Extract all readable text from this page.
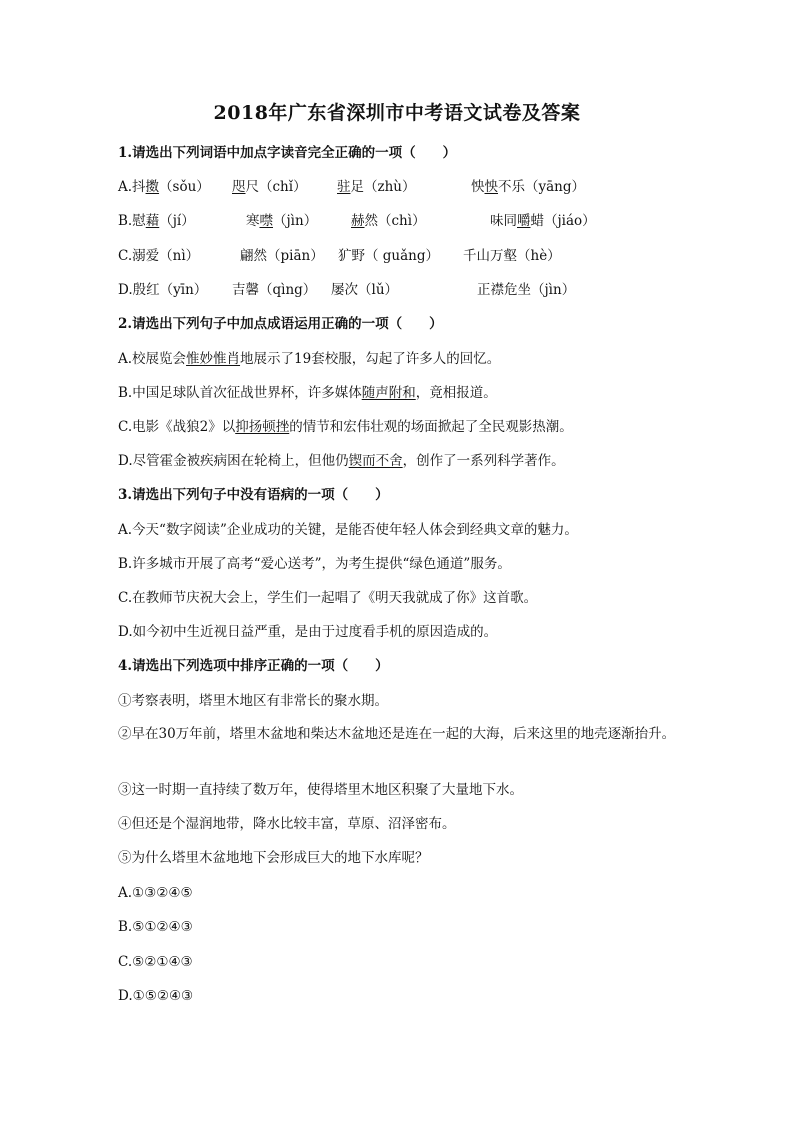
2018年广东省深圳市中考语文试卷及答案
1.请选出下列词语中加点字读音完全正确的一项（　　）
A.抖擞（sǒu） 咫尺（chǐ） 驻足（zhù）	怏怏不乐（yāng）
B.慰藉（jí）	寒噤（jìn）	赫然（chì）	味同嚼蜡（jiáo）
C.溺爱（nì）	翩然（piān） 犷野（ guǎng） 千山万壑（hè）
D.殷红（yīn） 吉馨（qìng） 屡次（lǔ）	正襟危坐（jìn）
2.请选出下列句子中加点成语运用正确的一项（　　）
A.校展览会惟妙惟肖地展示了19套校服，勾起了许多人的回忆。
B.中国足球队首次征战世界杯，许多媒体随声附和，竟相报道。
C.电影《战狼2》以抑扬顿挫的情节和宏伟壮观的场面掀起了全民观影热潮。
D.尽管霍金被疾病困在轮椅上，但他仍锲而不舍，创作了一系列科学著作。
3.请选出下列句子中没有语病的一项（　　）
A.今天“数字阅读”企业成功的关键，是能否使年轻人体会到经典文章的魅力。
B.许多城市开展了高考“爱心送考”，为考生提供“绿色通道”服务。
C.在教师节庆祝大会上，学生们一起唱了《明天我就成了你》这首歌。
D.如今初中生近视日益严重，是由于过度看手机的原因造成的。
4.请选出下列选项中排序正确的一项（　　）
①考察表明，塔里木地区有非常长的聚水期。
②早在30万年前，塔里木盆地和柴达木盆地还是连在一起的大海，后来这里的地壳逐渐抬升。
③这一时期一直持续了数万年，使得塔里木地区积聚了大量地下水。
④但还是个湿润地带，降水比较丰富，草原、沼泽密布。
⑤为什么塔里木盆地地下会形成巨大的地下水库呢？
A.①③②④⑤
B.⑤①②④③
C.⑤②①④③
D.①⑤②④③
